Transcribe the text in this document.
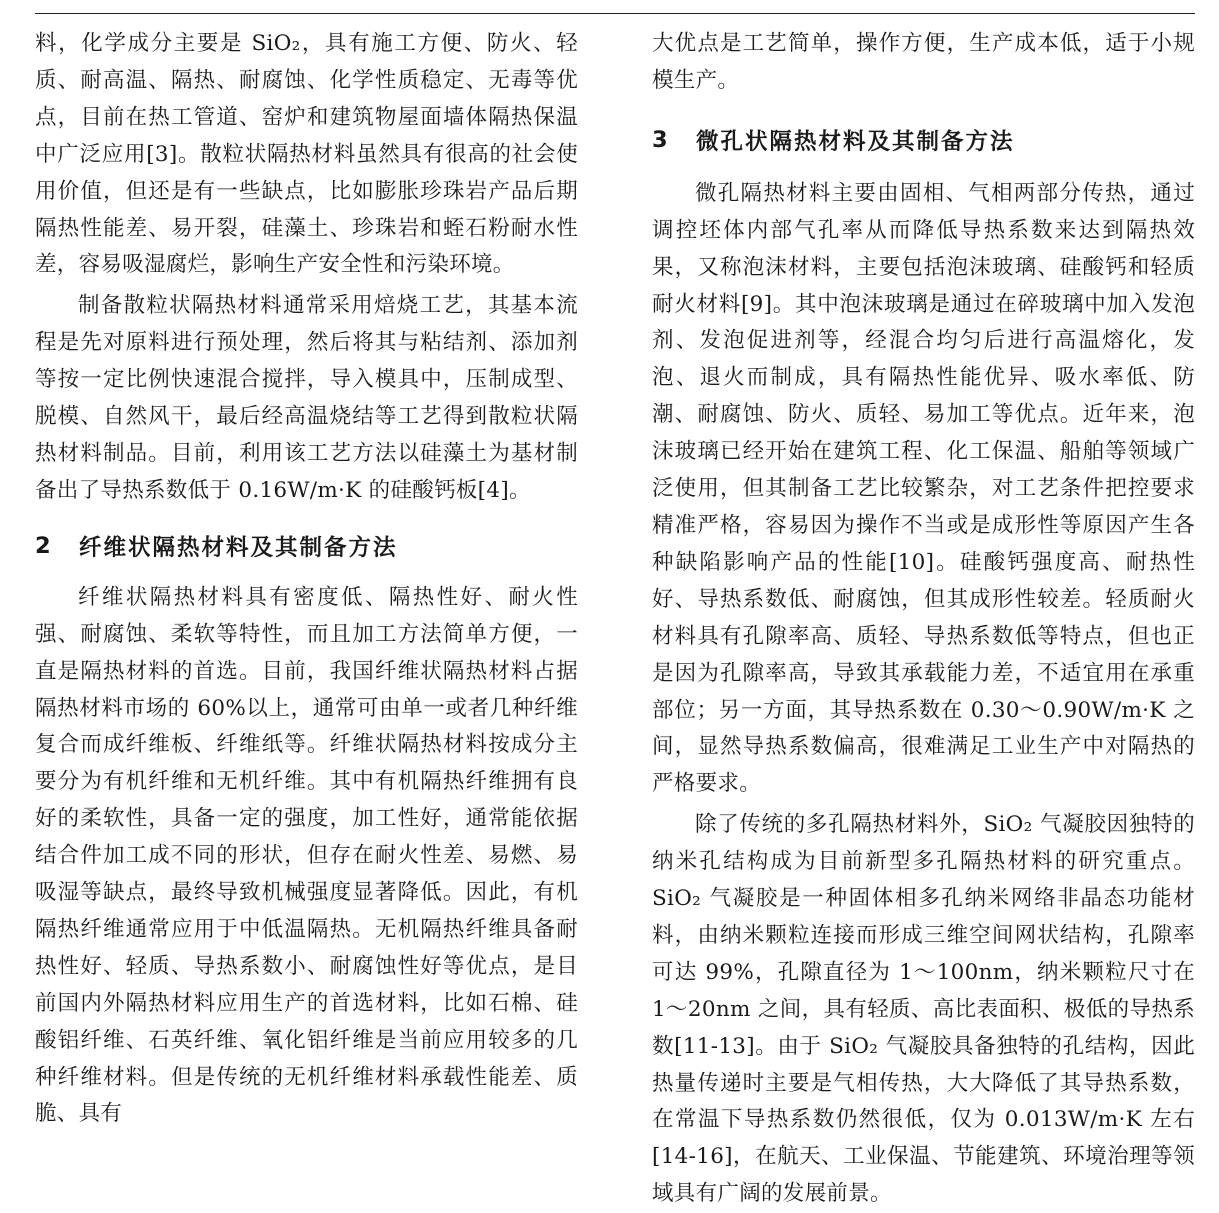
料，化学成分主要是 SiO₂，具有施工方便、防火、轻质、耐高温、隔热、耐腐蚀、化学性质稳定、无毒等优点，目前在热工管道、窑炉和建筑物屋面墙体隔热保温中广泛应用[3]。散粒状隔热材料虽然具有很高的社会使用价值，但还是有一些缺点，比如膨胀珍珠岩产品后期隔热性能差、易开裂，硅藻土、珍珠岩和蛭石粉耐水性差，容易吸湿腐烂，影响生产安全性和污染环境。

制备散粒状隔热材料通常采用焙烧工艺，其基本流程是先对原料进行预处理，然后将其与粘结剂、添加剂等按一定比例快速混合搅拌，导入模具中，压制成型、脱模、自然风干，最后经高温烧结等工艺得到散粒状隔热材料制品。目前，利用该工艺方法以硅藻土为基材制备出了导热系数低于 0.16W/m·K 的硅酸钙板[4]。

2	纤维状隔热材料及其制备方法

纤维状隔热材料具有密度低、隔热性好、耐火性强、耐腐蚀、柔软等特性，而且加工方法简单方便，一直是隔热材料的首选。目前，我国纤维状隔热材料占据隔热材料市场的 60%以上，通常可由单一或者几种纤维复合而成纤维板、纤维纸等。纤维状隔热材料按成分主要分为有机纤维和无机纤维。其中有机隔热纤维拥有良好的柔软性，具备一定的强度，加工性好，通常能依据结合件加工成不同的形状，但存在耐火性差、易燃、易吸湿等缺点，最终导致机械强度显著降低。因此，有机隔热纤维通常应用于中低温隔热。无机隔热纤维具备耐热性好、轻质、导热系数小、耐腐蚀性好等优点，是目前国内外隔热材料应用生产的首选材料，比如石棉、硅酸铝纤维、石英纤维、氧化铝纤维是当前应用较多的几种纤维材料。但是传统的无机纤维材料承载性能差、质脆、具有

大优点是工艺简单，操作方便，生产成本低，适于小规模生产。

3	微孔状隔热材料及其制备方法

微孔隔热材料主要由固相、气相两部分传热，通过调控坯体内部气孔率从而降低导热系数来达到隔热效果，又称泡沫材料，主要包括泡沫玻璃、硅酸钙和轻质耐火材料[9]。其中泡沫玻璃是通过在碎玻璃中加入发泡剂、发泡促进剂等，经混合均匀后进行高温熔化，发泡、退火而制成，具有隔热性能优异、吸水率低、防潮、耐腐蚀、防火、质轻、易加工等优点。近年来，泡沫玻璃已经开始在建筑工程、化工保温、船舶等领域广泛使用，但其制备工艺比较繁杂，对工艺条件把控要求精准严格，容易因为操作不当或是成形性等原因产生各种缺陷影响产品的性能[10]。硅酸钙强度高、耐热性好、导热系数低、耐腐蚀，但其成形性较差。轻质耐火材料具有孔隙率高、质轻、导热系数低等特点，但也正是因为孔隙率高，导致其承载能力差，不适宜用在承重部位；另一方面，其导热系数在 0.30～0.90W/m·K 之间，显然导热系数偏高，很难满足工业生产中对隔热的严格要求。

除了传统的多孔隔热材料外，SiO₂ 气凝胶因独特的纳米孔结构成为目前新型多孔隔热材料的研究重点。SiO₂ 气凝胶是一种固体相多孔纳米网络非晶态功能材料，由纳米颗粒连接而形成三维空间网状结构，孔隙率可达 99%，孔隙直径为 1～100nm，纳米颗粒尺寸在 1～20nm 之间，具有轻质、高比表面积、极低的导热系数[11-13]。由于 SiO₂ 气凝胶具备独特的孔结构，因此热量传递时主要是气相传热，大大降低了其导热系数，在常温下导热系数仍然很低，仅为 0.013W/m·K 左右[14-16]，在航天、工业保温、节能建筑、环境治理等领域具有广阔的发展前景。
